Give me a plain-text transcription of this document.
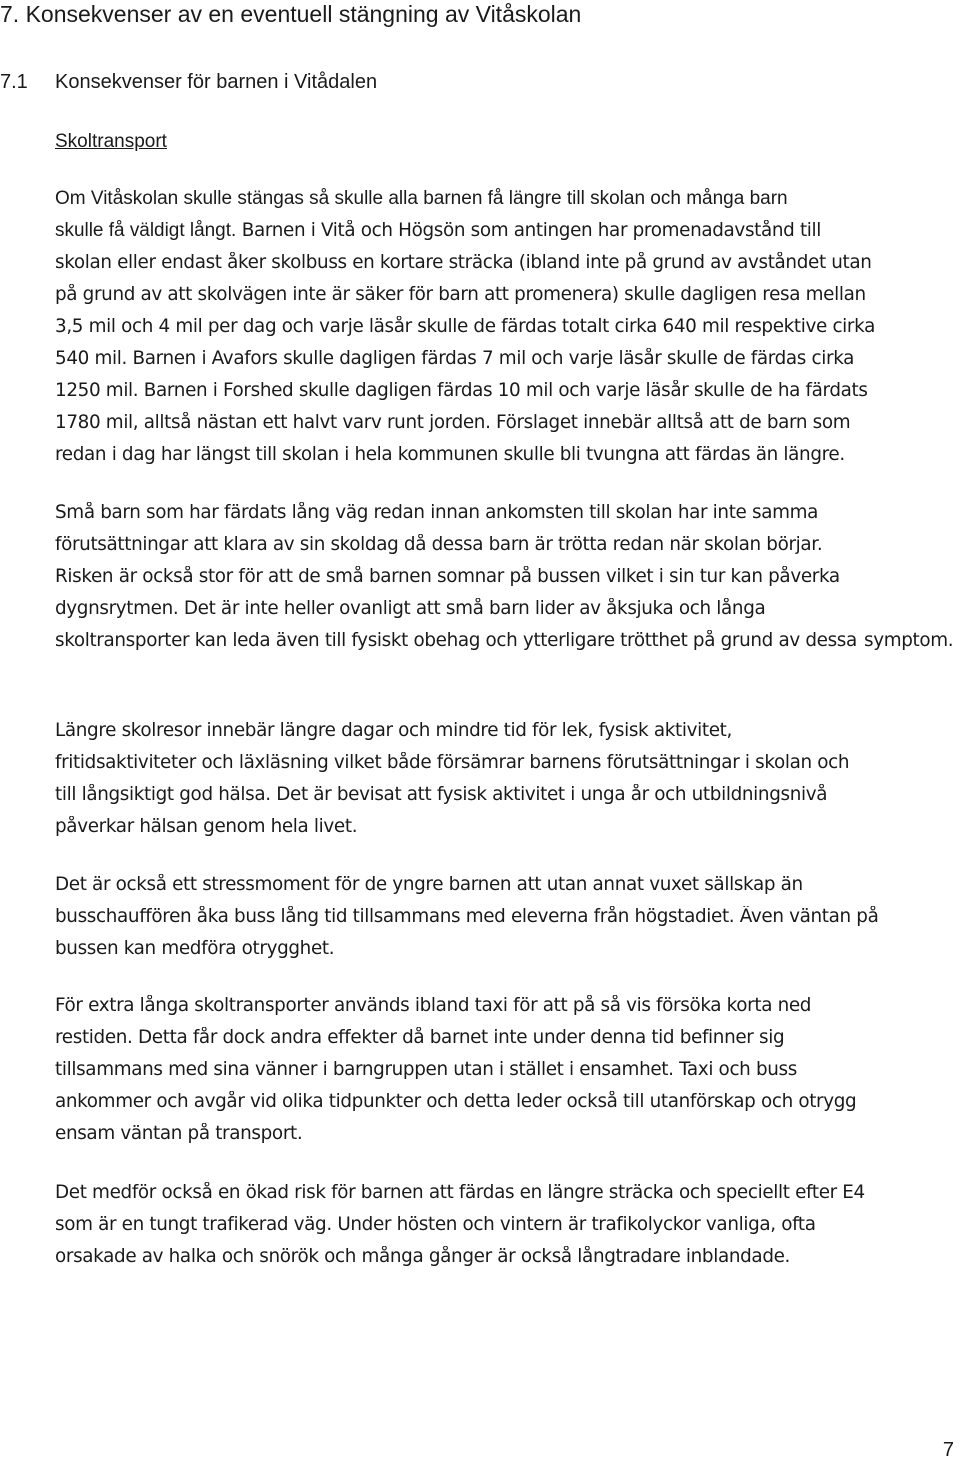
7. Konsekvenser av en eventuell stängning av Vitåskolan
7.1 Konsekvenser för barnen i Vitådalen
Skoltransport

Om Vitåskolan skulle stängas så skulle alla barnen få längre till skolan och många barn

skulle få väldigt långt. Barnen i Vitå och Högsön som antingen har promenadavstånd till skolan eller endast åker skolbuss en kortare sträcka (ibland inte på grund av avståndet utan på grund av att skolvägen inte är säker för barn att promenera) skulle dagligen resa mellan 3,5 mil och 4 mil per dag och varje läsår skulle de färdas totalt cirka 640 mil respektive cirka 540 mil. Barnen i Avafors skulle dagligen färdas 7 mil och varje läsår skulle de färdas cirka 1250 mil. Barnen i Forshed skulle dagligen färdas 10 mil och varje läsår skulle de ha färdats 1780 mil, alltså nästan ett halvt varv runt jorden. Förslaget innebär alltså att de barn som redan i dag har längst till skolan i hela kommunen skulle bli tvungna att färdas än längre.
Små barn som har färdats lång väg redan innan ankomsten till skolan har inte samma förutsättningar att klara av sin skoldag då dessa barn är trötta redan när skolan börjar. Risken är också stor för att de små barnen somnar på bussen vilket i sin tur kan påverka dygnsrytmen. Det är inte heller ovanligt att små barn lider av åksjuka och långa skoltransporter kan leda även till fysiskt obehag och ytterligare trötthet på grund av dessa symptom.
Längre skolresor innebär längre dagar och mindre tid för lek, fysisk aktivitet, fritidsaktiviteter och läxläsning vilket både försämrar barnens förutsättningar i skolan och till långsiktigt god hälsa. Det är bevisat att fysisk aktivitet i unga år och utbildningsnivå påverkar hälsan genom hela livet.
Det är också ett stressmoment för de yngre barnen att utan annat vuxet sällskap än busschauffören åka buss lång tid tillsammans med eleverna från högstadiet. Även väntan på bussen kan medföra otrygghet.
För extra långa skoltransporter används ibland taxi för att på så vis försöka korta ned restiden. Detta får dock andra effekter då barnet inte under denna tid befinner sig tillsammans med sina vänner i barngruppen utan i stället i ensamhet. Taxi och buss ankommer och avgår vid olika tidpunkter och detta leder också till utanförskap och otrygg ensam väntan på transport.
Det medför också en ökad risk för barnen att färdas en längre sträcka och speciellt efter E4 som är en tungt trafikerad väg. Under hösten och vintern är trafikolyckor vanliga, ofta orsakade av halka och snörök och många gånger är också långtradare inblandade.
7
